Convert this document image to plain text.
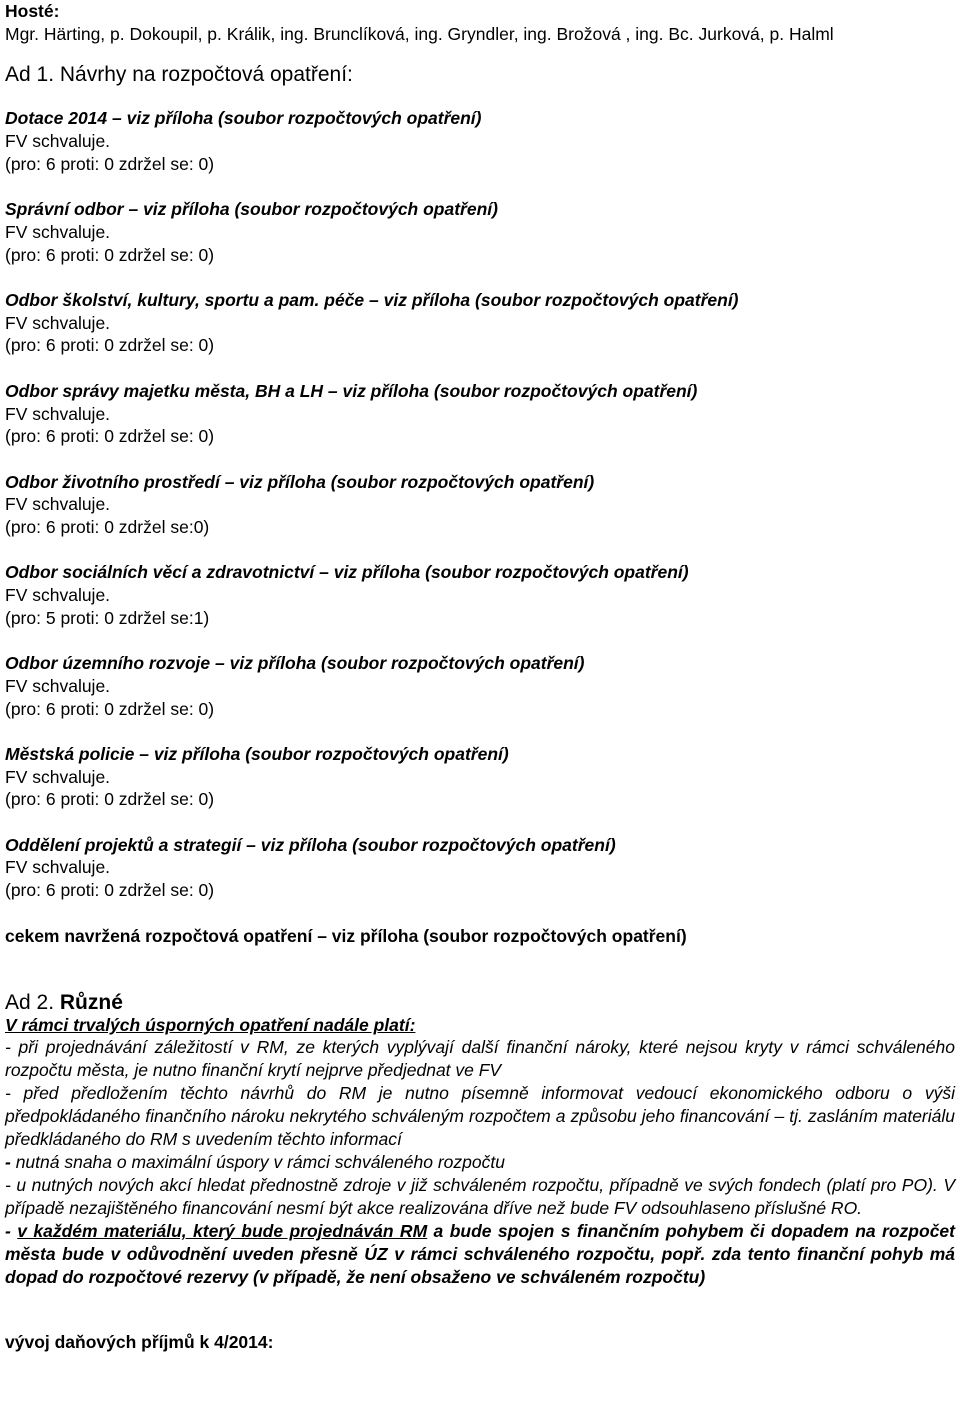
Hosté:
Mgr. Härting, p. Dokoupil, p. Králik, ing. Brunclíková, ing. Gryndler, ing. Brožová , ing. Bc. Jurková, p. Halml
Ad 1. Návrhy na rozpočtová opatření:
Dotace 2014 – viz příloha (soubor rozpočtových opatření)
FV schvaluje.
(pro: 6 proti: 0 zdržel se: 0)
Správní odbor – viz příloha (soubor rozpočtových opatření)
FV schvaluje.
(pro: 6 proti: 0 zdržel se: 0)
Odbor školství, kultury, sportu a pam. péče – viz příloha (soubor rozpočtových opatření)
FV schvaluje.
(pro: 6 proti: 0 zdržel se: 0)
Odbor správy majetku města, BH a LH – viz příloha (soubor rozpočtových opatření)
FV schvaluje.
(pro: 6 proti: 0 zdržel se: 0)
Odbor životního prostředí – viz příloha (soubor rozpočtových opatření)
FV schvaluje.
(pro: 6 proti: 0 zdržel se:0)
Odbor sociálních věcí a zdravotnictví – viz příloha (soubor rozpočtových opatření)
FV schvaluje.
(pro: 5 proti: 0 zdržel se:1)
Odbor územního rozvoje – viz příloha (soubor rozpočtových opatření)
FV schvaluje.
(pro: 6 proti: 0 zdržel se: 0)
Městská policie – viz příloha (soubor rozpočtových opatření)
FV schvaluje.
(pro: 6 proti: 0 zdržel se: 0)
Oddělení projektů a strategií – viz příloha (soubor rozpočtových opatření)
FV schvaluje.
(pro: 6 proti: 0 zdržel se: 0)
cekem navržená rozpočtová opatření – viz příloha (soubor rozpočtových opatření)
Ad 2. Různé
V rámci trvalých úsporných opatření nadále platí:
- při projednávání záležitostí v RM, ze kterých vyplývají další finanční nároky, které nejsou kryty v rámci schváleného rozpočtu města, je nutno finanční krytí nejprve předjednat ve FV
- před předložením těchto návrhů do RM je nutno písemně informovat vedoucí ekonomického odboru o výši předpokládaného finančního nároku nekrytého schváleným rozpočtem a způsobu jeho financování – tj. zasláním materiálu předkládaného do RM s uvedením těchto informací
- nutná snaha o maximální úspory v rámci schváleného rozpočtu
- u nutných nových akcí hledat přednostně zdroje v již schváleném rozpočtu, případně ve svých fondech (platí pro PO). V případě nezajištěného financování nesmí být akce realizována dříve než bude FV odsouhlaseno příslušné RO.
- v každém materiálu, který bude projednáván RM a bude spojen s finančním pohybem či dopadem na rozpočet města bude v odůvodnění uveden přesně ÚZ v rámci schváleného rozpočtu, popř. zda tento finanční pohyb má dopad do rozpočtové rezervy (v případě, že není obsaženo ve schváleném rozpočtu)
vývoj daňových příjmů k 4/2014:
